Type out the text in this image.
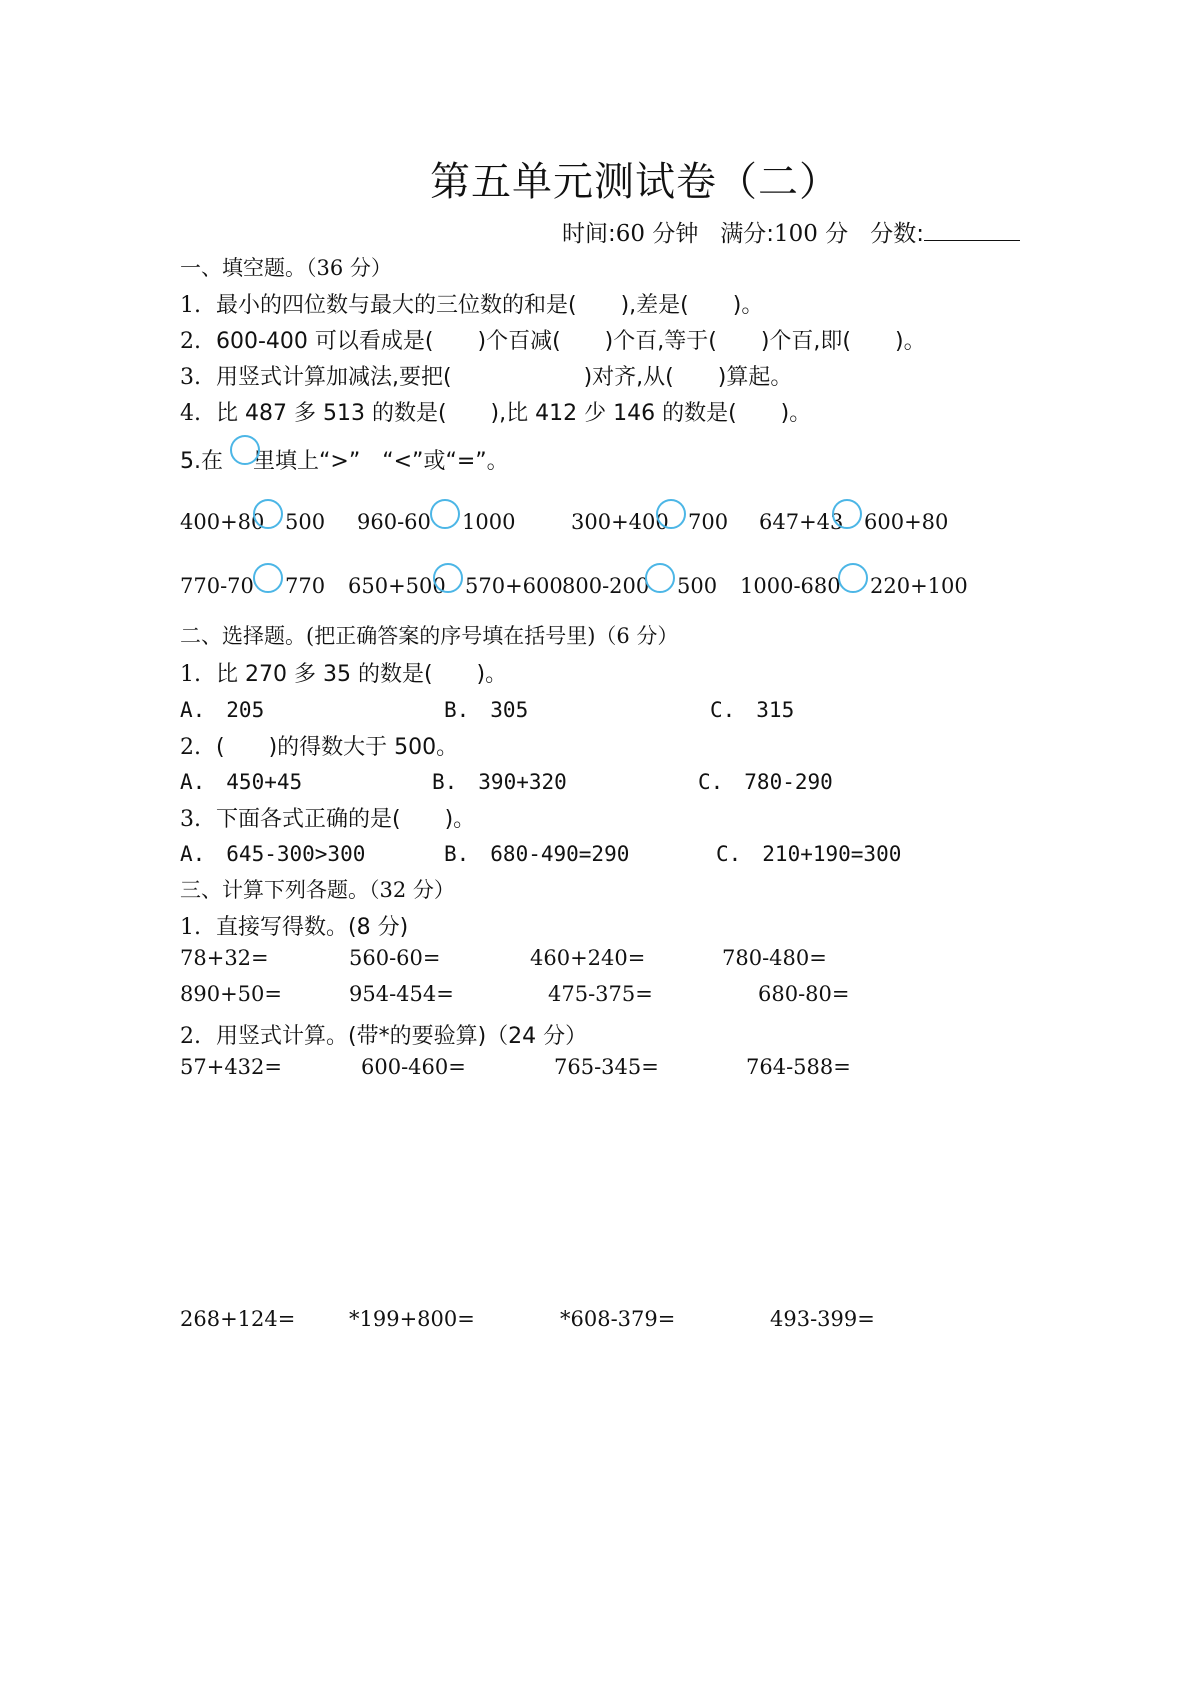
第五单元测试卷（二）
时间:60 分钟 满分:100 分 分数:
一、填空题。（36 分）
1. 最小的四位数与最大的三位数的和是(　　),差是(　　)。
2. 600-400 可以看成是(　　)个百减(　　)个百,等于(　　)个百,即(　　)。
3. 用竖式计算加减法,要把(　　　　　　)对齐,从(　　)算起。
4. 比 487 多 513 的数是(　　),比 412 少 146 的数是(　　)。
5.在 里填上“>”　“<”或“=”。
400+80 500 960-60 1000	300+400 700 647+43 600+80
770-70 770 650+500 570+600 800-200 500 1000-680 220+100
二、选择题。(把正确答案的序号填在括号里)（6 分）
1. 比 270 多 35 的数是(　　)。
A.　205	B.　305	C.　315
2. (　　)的得数大于 500。
A.　450+45	B.　390+320	C.　780-290
3. 下面各式正确的是(　　)。
A.　645-300>300	B.　680-490=290	C.　210+190=300
三、计算下列各题。（32 分）
1. 直接写得数。(8 分)
78+32=	560-60=	460+240=	780-480=
890+50=	954-454=	475-375=	680-80=
2. 用竖式计算。(带*的要验算)（24 分）
57+432=	600-460=	765-345=	764-588=
268+124=	*199+800=	*608-379=	493-399=
